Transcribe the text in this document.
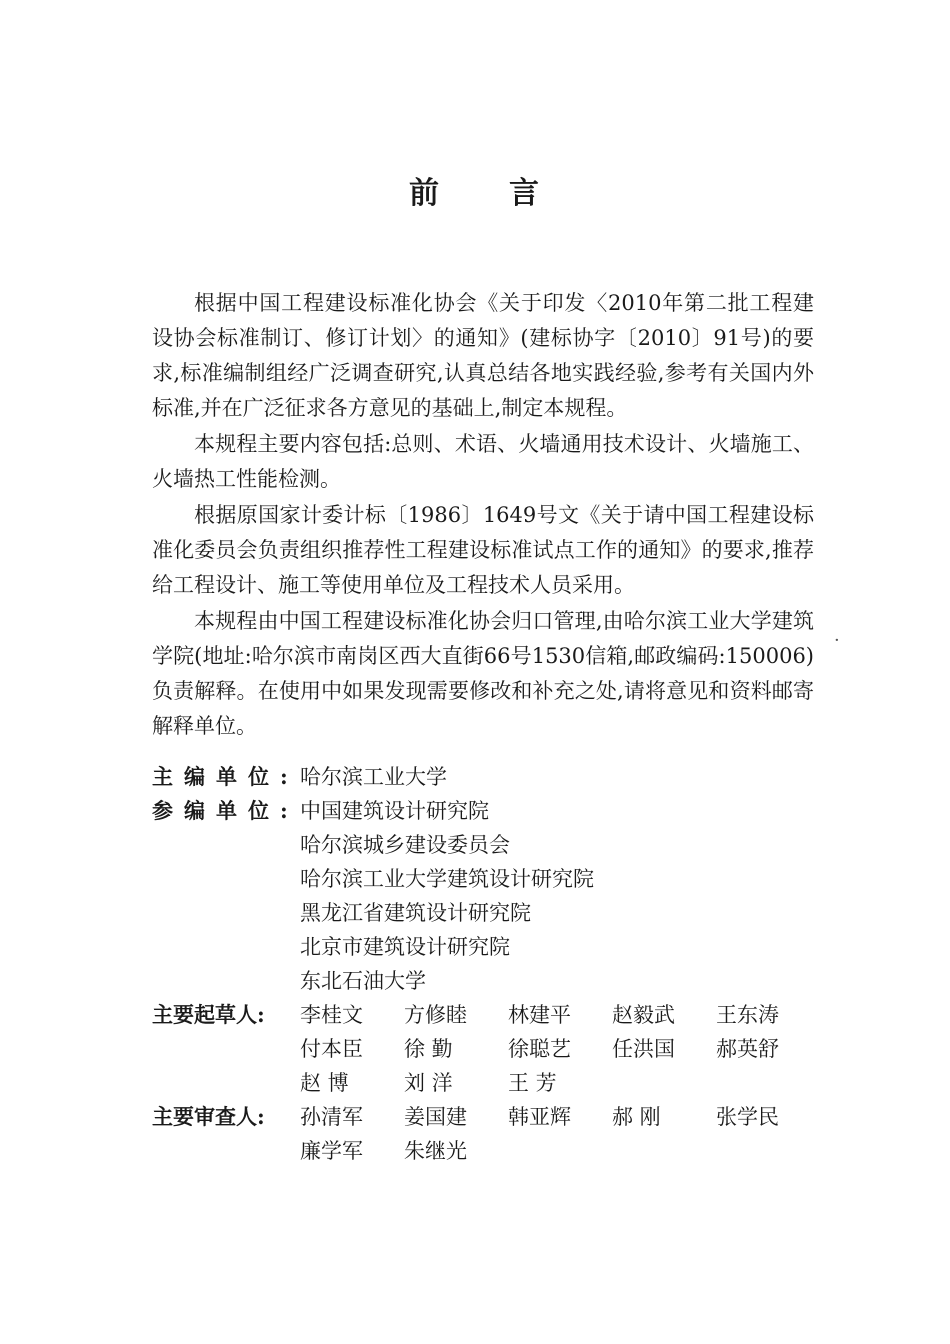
前 言

根据中国工程建设标准化协会《关于印发〈2010年第二批工程建设协会标准制订、修订计划〉的通知》(建标协字〔2010〕91号)的要求,标准编制组经广泛调查研究,认真总结各地实践经验,参考有关国内外标准,并在广泛征求各方意见的基础上,制定本规程。

本规程主要内容包括:总则、术语、火墙通用技术设计、火墙施工、火墙热工性能检测。

根据原国家计委计标〔1986〕1649号文《关于请中国工程建设标准化委员会负责组织推荐性工程建设标准试点工作的通知》的要求,推荐给工程设计、施工等使用单位及工程技术人员采用。

本规程由中国工程建设标准化协会归口管理,由哈尔滨工业大学建筑学院(地址:哈尔滨市南岗区西大直街66号1530信箱,邮政编码:150006)负责解释。在使用中如果发现需要修改和补充之处,请将意见和资料邮寄解释单位。

·
主 编 单 位 : 哈尔滨工业大学
参 编 单 位 : 中国建筑设计研究院
哈尔滨城乡建设委员会
哈尔滨工业大学建筑设计研究院
黑龙江省建筑设计研究院
北京市建筑设计研究院
东北石油大学
主要起草人:	李桂文	方修睦	林建平	赵毅武	王东涛
付本臣	徐 勤	徐聪艺	任洪国	郝英舒
赵 博	刘 洋	王 芳
主要审查人:	孙清军	姜国建	韩亚辉	郝 刚	张学民
廉学军	朱继光
